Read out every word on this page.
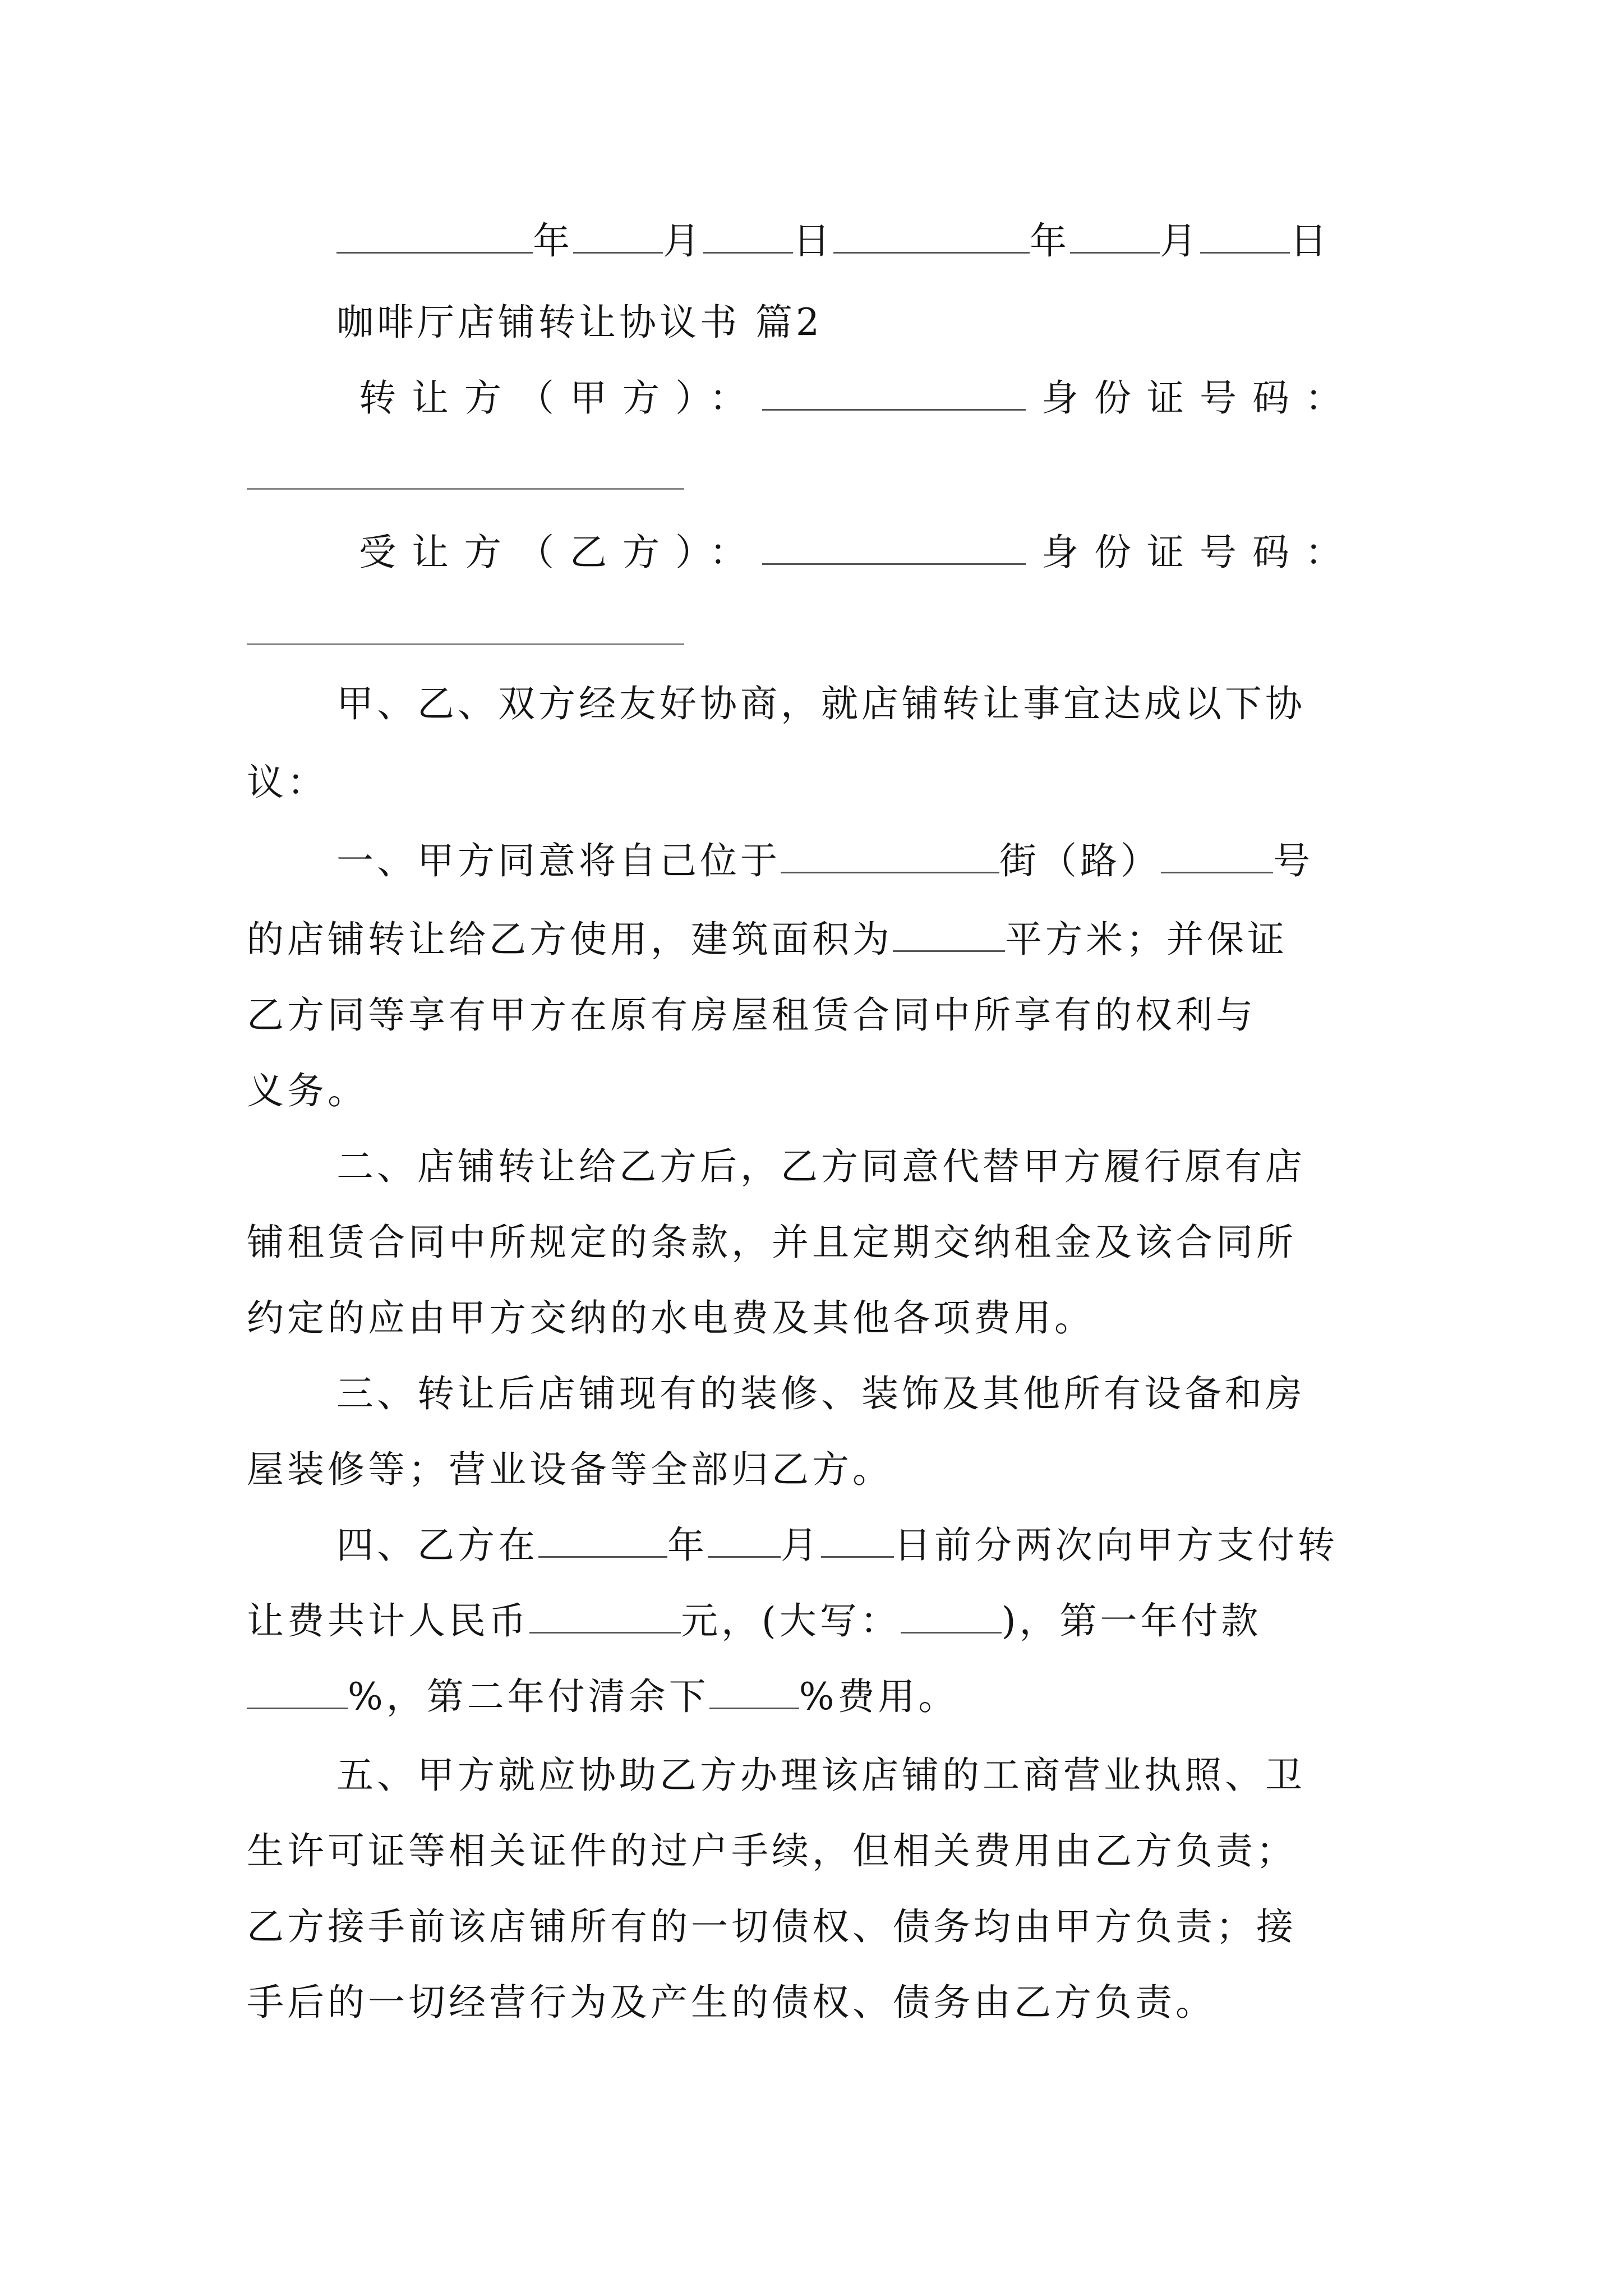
年 月 日	年 月 日
咖啡厅店铺转让协议书 篇2
转让方（甲方）：	身份证号码：
受让方（乙方）：	身份证号码：
甲、乙、双方经友好协商，就店铺转让事宜达成以下协
议：
一、甲方同意将自己位于	街（路）	号
的店铺转让给乙方使用，建筑面积为	平方米；并保证
乙方同等享有甲方在原有房屋租赁合同中所享有的权利与
义务。
二、店铺转让给乙方后，乙方同意代替甲方履行原有店
铺租赁合同中所规定的条款，并且定期交纳租金及该合同所
约定的应由甲方交纳的水电费及其他各项费用。
三、转让后店铺现有的装修、装饰及其他所有设备和房
屋装修等；营业设备等全部归乙方。
四、乙方在	年 月 日前分两次向甲方支付转
让费共计人民币	元，(大写：	)，第一年付款
%，第二年付清余下 %费用。
五、甲方就应协助乙方办理该店铺的工商营业执照、卫
生许可证等相关证件的过户手续，但相关费用由乙方负责；
乙方接手前该店铺所有的一切债权、债务均由甲方负责；接
手后的一切经营行为及产生的债权、债务由乙方负责。
